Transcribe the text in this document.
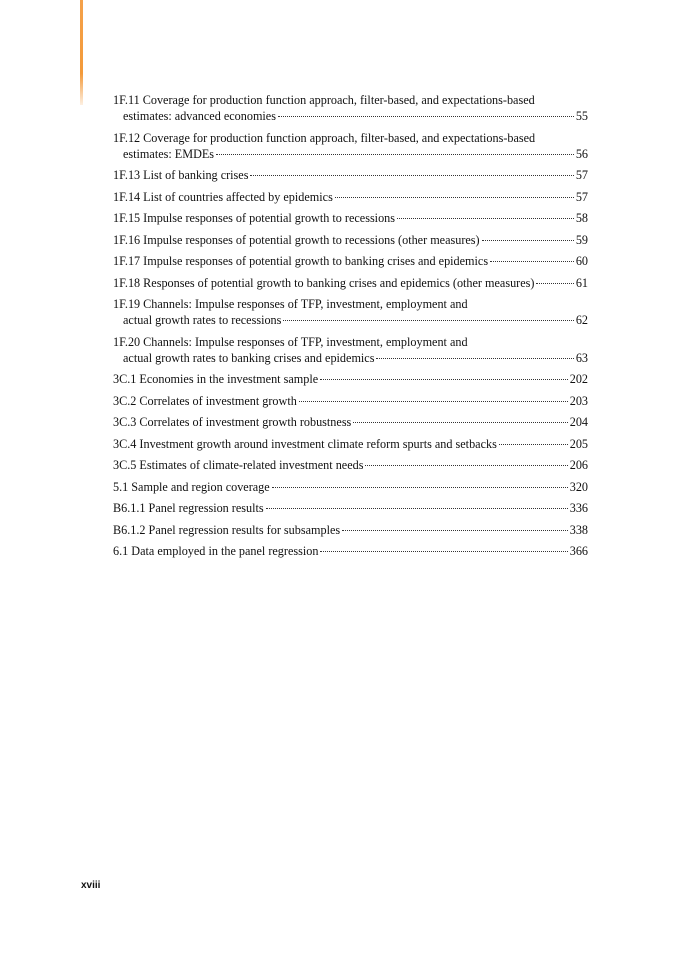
1F.11 Coverage for production function approach, filter-based, and expectations-based
estimates: advanced economies	55
1F.12 Coverage for production function approach, filter-based, and expectations-based
estimates: EMDEs	56
1F.13 List of banking crises	57
1F.14 List of countries affected by epidemics	57
1F.15 Impulse responses of potential growth to recessions	58
1F.16 Impulse responses of potential growth to recessions (other measures)	59
1F.17 Impulse responses of potential growth to banking crises and epidemics	60
1F.18 Responses of potential growth to banking crises and epidemics (other measures)	61
1F.19 Channels: Impulse responses of TFP, investment, employment and
actual growth rates to recessions	62
1F.20 Channels: Impulse responses of TFP, investment, employment and
actual growth rates to banking crises and epidemics	63
3C.1 Economies in the investment sample	202
3C.2 Correlates of investment growth	203
3C.3 Correlates of investment growth robustness	204
3C.4 Investment growth around investment climate reform spurts and setbacks	205
3C.5 Estimates of climate-related investment needs	206
5.1 Sample and region coverage	320
B6.1.1 Panel regression results	336
B6.1.2 Panel regression results for subsamples	338
6.1 Data employed in the panel regression	366
xviii
